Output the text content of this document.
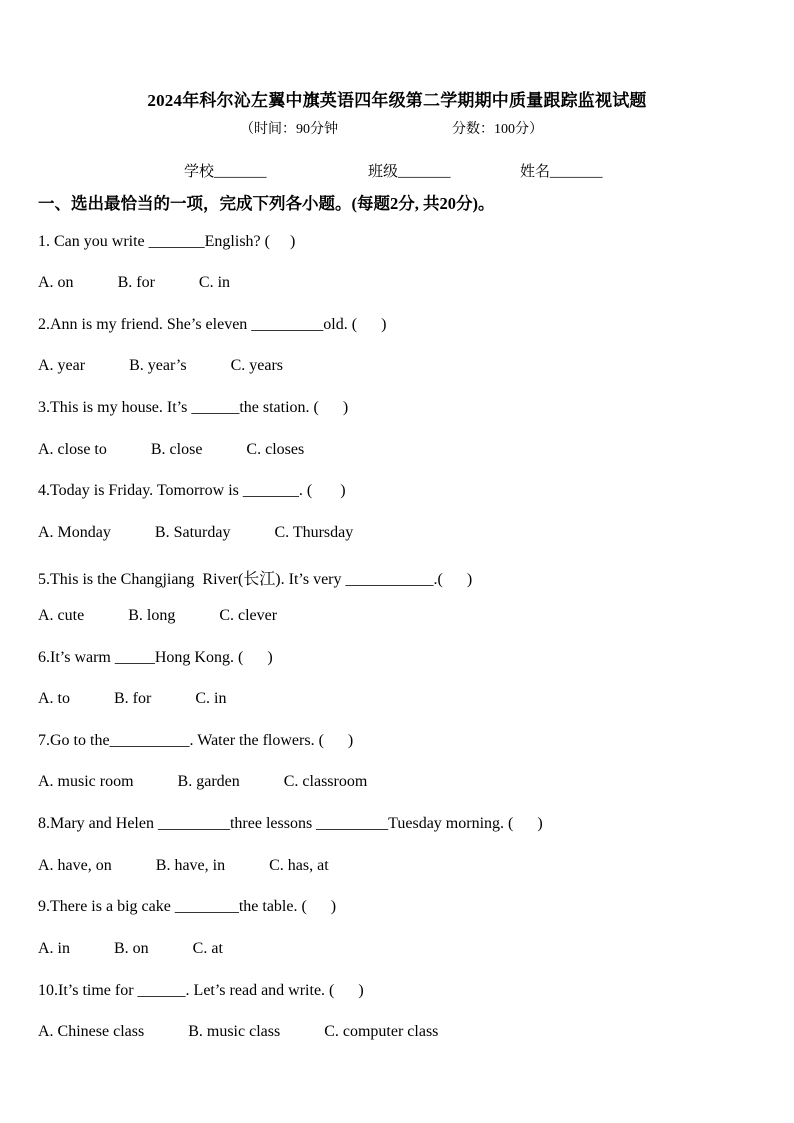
2024年科尔沁左翼中旗英语四年级第二学期期中质量跟踪监视试题
（时间：90分钟	分数：100分）
学校_______	班级_______	姓名_______
一、选出最恰当的一项，完成下列各小题。(每题2分, 共20分)。
1. Can you write _______English? (     )
A. on	B. for	C. in
2.Ann is my friend. She’s eleven _________old. (      )
A. year	B. year’s	C. years
3.This is my house. It’s ______the station. (      )
A. close to	B. close	C. closes
4.Today is Friday. Tomorrow is _______. (       )
A. Monday	B. Saturday	C. Thursday
5.This is the Changjiang  River(长江). It’s very ___________.(      )
A. cute	B. long	C. clever
6.It’s warm _____Hong Kong. (      )
A. to	B. for	C. in
7.Go to the__________. Water the flowers. (      )
A. music room	B. garden	C. classroom
8.Mary and Helen _________three lessons _________Tuesday morning. (      )
A. have, on	B. have, in	C. has, at
9.There is a big cake ________the table. (      )
A. in	B. on	C. at
10.It’s time for ______. Let’s read and write. (      )
A. Chinese class	B. music class	C. computer class
